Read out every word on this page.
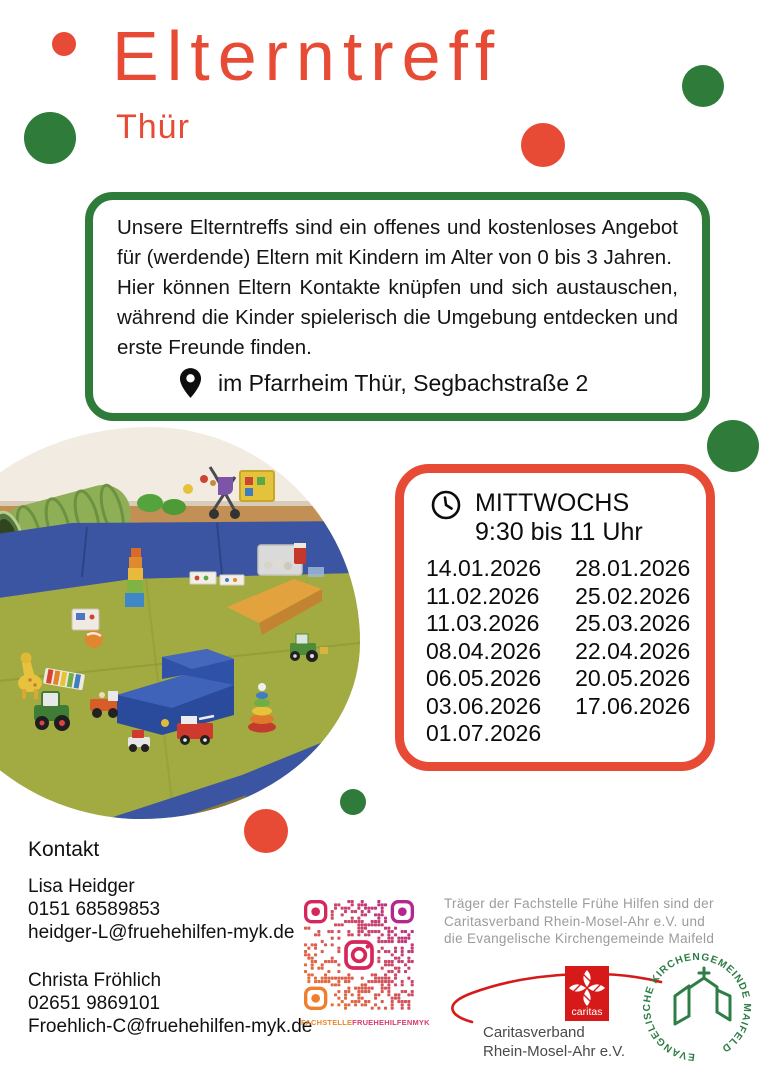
Elterntreff
Thür

Unsere Elterntreffs sind ein offenes und kostenloses Angebot für (werdende) Eltern mit Kindern im Alter von 0 bis 3 Jahren.

Hier können Eltern Kontakte knüpfen und sich austauschen, während die Kinder spielerisch die Umgebung entdecken und erste Freunde finden.

im Pfarrheim Thür, Segbachstraße 2
MITTWOCHS
9:30 bis 11 Uhr
14.01.2026
11.02.2026
11.03.2026
08.04.2026
06.05.2026
03.06.2026
01.07.2026
28.01.2026
25.02.2026
25.03.2026
22.04.2026
20.05.2026
17.06.2026
Kontakt
Lisa Heidger
0151 68589853
heidger-L@fruehehilfen-myk.de
Christa Fröhlich
02651 9869101
Froehlich-C@fruehehilfen-myk.de
FACHSTELLEFRUEHEHILFENMYK
Träger der Fachstelle Frühe Hilfen sind der
Caritasverband Rhein-Mosel-Ahr e.V. und
die Evangelische Kirchengemeinde Maifeld
caritas
Caritasverband
Rhein-Mosel-Ahr e.V.	EVANGELISCHE KIRCHENGEMEINDE MAIFELD
